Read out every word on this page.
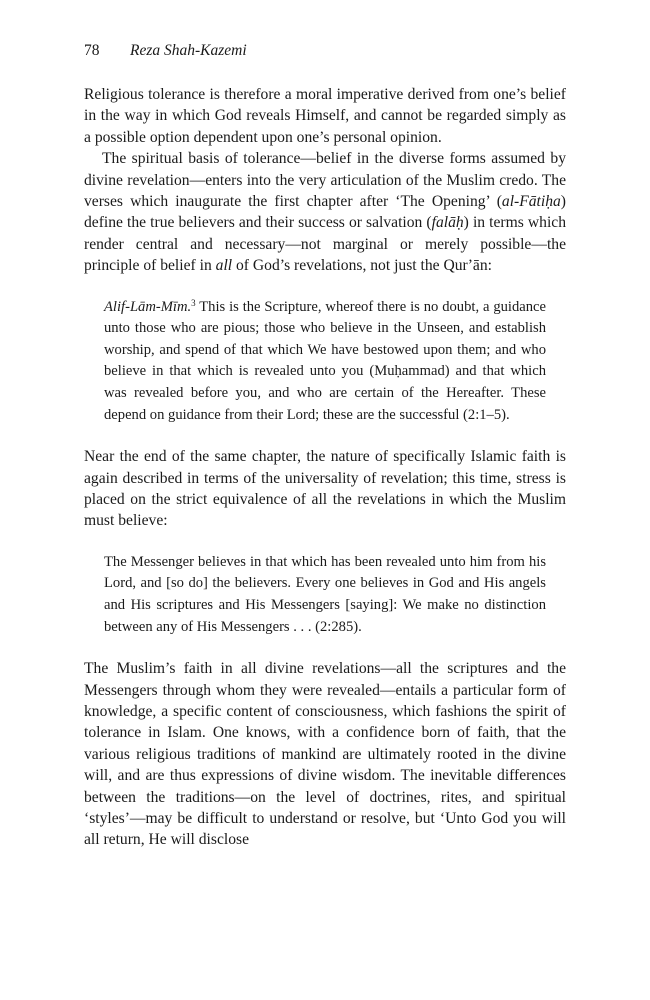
78 Reza Shah-Kazemi

Religious tolerance is therefore a moral imperative derived from one’s belief in the way in which God reveals Himself, and cannot be regarded simply as a possible option dependent upon one’s personal opinion.

The spiritual basis of tolerance—belief in the diverse forms assumed by divine revelation—enters into the very articulation of the Muslim credo. The verses which inaugurate the first chapter after ‘The Opening’ (al-Fātiḥa) define the true believers and their success or salvation (falāḥ) in terms which render central and necessary—not marginal or merely possible—the principle of belief in all of God’s revelations, not just the Qurʼān:

Alif-Lām-Mīm.$^3$ This is the Scripture, whereof there is no doubt, a guidance unto those who are pious; those who believe in the Unseen, and establish worship, and spend of that which We have bestowed upon them; and who believe in that which is revealed unto you (Muḥammad) and that which was revealed before you, and who are certain of the Hereafter. These depend on guidance from their Lord; these are the successful (2:1–5).

Near the end of the same chapter, the nature of specifically Islamic faith is again described in terms of the universality of revelation; this time, stress is placed on the strict equivalence of all the revelations in which the Muslim must believe:

The Messenger believes in that which has been revealed unto him from his Lord, and [so do] the believers. Every one believes in God and His angels and His scriptures and His Messengers [saying]: We make no distinction between any of His Messengers . . . (2:285).

The Muslim’s faith in all divine revelations—all the scriptures and the Messengers through whom they were revealed—entails a particular form of knowledge, a specific content of consciousness, which fashions the spirit of tolerance in Islam. One knows, with a confidence born of faith, that the various religious traditions of mankind are ultimately rooted in the divine will, and are thus expressions of divine wisdom. The inevitable differences between the traditions—on the level of doctrines, rites, and spiritual ‘styles’—may be difficult to understand or resolve, but ‘Unto God you will all return, He will disclose
